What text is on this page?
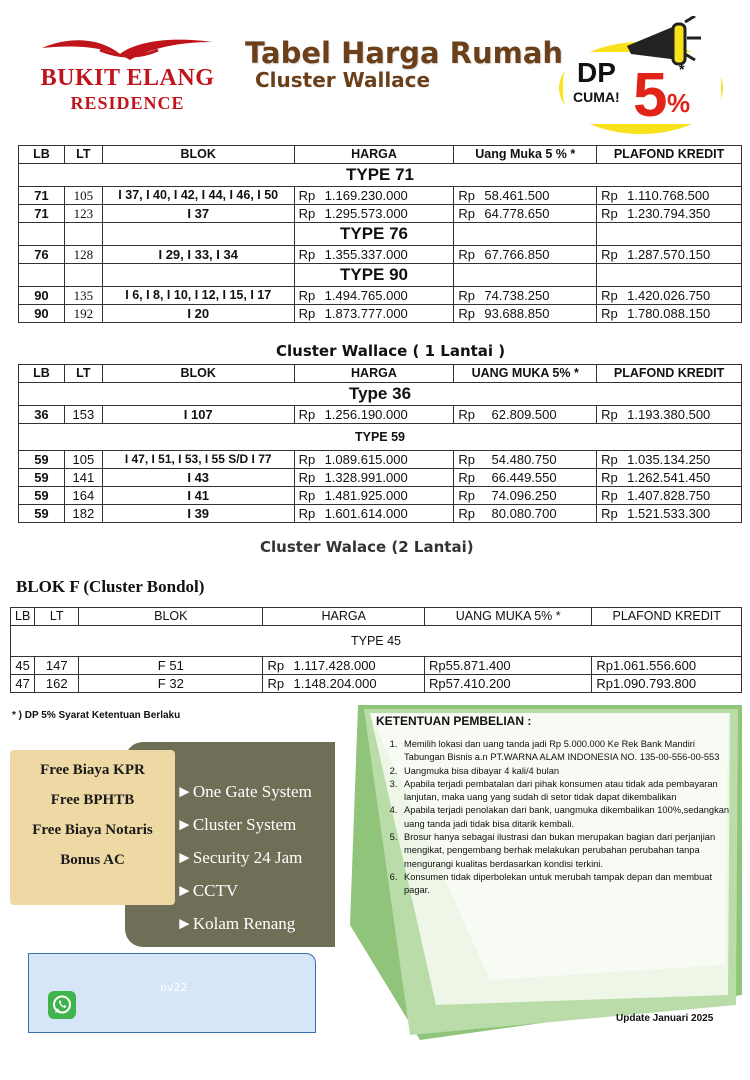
BUKIT ELANG
RESIDENCE
Tabel Harga Rumah
Cluster Wallace	DP
CUMA! 5 %
*
LB	LT	BLOK	HARGA	Uang Muka 5 % *	PLAFOND KREDIT
TYPE 71					
71	105	I 37, I 40, I 42, I 44, I 46, I 50	Rp 1.169.230.000	Rp 58.461.500	Rp 1.110.768.500
71	123	I 37	Rp 1.295.573.000	Rp 64.778.650	Rp 1.230.794.350
			TYPE 76		
76	128	I 29, I 33, I 34	Rp 1.355.337.000	Rp 67.766.850	Rp 1.287.570.150
			TYPE 90		
90	135	I 6, I 8, I 10, I 12, I 15, I 17	Rp 1.494.765.000	Rp 74.738.250	Rp 1.420.026.750
90	192	I 20	Rp 1.873.777.000	Rp 93.688.850	Rp 1.780.088.150
Cluster Wallace ( 1 Lantai )
LB	LT	BLOK	HARGA	UANG MUKA 5% *	PLAFOND KREDIT
Type 36					
36	153	I 107	Rp 1.256.190.000	Rp 62.809.500	Rp 1.193.380.500
TYPE 59					
59	105	I 47, I 51, I 53, I 55 S/D I 77	Rp 1.089.615.000	Rp 54.480.750	Rp 1.035.134.250
59	141	I 43	Rp 1.328.991.000	Rp 66.449.550	Rp 1.262.541.450
59	164	I 41	Rp 1.481.925.000	Rp 74.096.250	Rp 1.407.828.750
59	182	I 39	Rp 1.601.614.000	Rp 80.080.700	Rp 1.521.533.300
Cluster Walace (2 Lantai)
BLOK F (Cluster Bondol)
LB	LT	BLOK	HARGA	UANG MUKA 5% *	PLAFOND KREDIT
TYPE 45					
45	147	F 51	Rp 1.117.428.000	Rp55.871.400	Rp1.061.556.600
47	162	F 32	Rp 1.148.204.000	Rp57.410.200	Rp1.090.793.800
* ) DP 5% Syarat Ketentuan Berlaku	KETENTUAN PEMBELIAN :
1. Memilih lokasi dan uang tanda jadi Rp 5.000.000 Ke Rek Bank Mandiri Tabungan Bisnis a.n PT.WARNA ALAM INDONESIA NO. 135-00-556-00-553
2. Uangmuka bisa dibayar 4 kali/4 bulan
3. Apabila terjadi pembatalan dari pihak konsumen atau tidak ada pembayaran lanjutan, maka uang yang sudah di setor tidak dapat dikembalikan
4. Apabila terjadi penolakan dari bank, uangmuka dikembalikan 100%,sedangkan uang tanda jadi tidak bisa ditarik kembali.
5. Brosur hanya sebagai ilustrasi dan bukan merupakan bagian dari perjanjian mengikat, pengembang berhak melakukan perubahan perubahan tanpa mengurangi kualitas berdasarkan kondisi terkini.
6. Konsumen tidak diperbolekan untuk merubah tampak depan dan membuat pagar.
Update Januari 2025
Free Biaya KPR
Free BPHTB
Free Biaya Notaris
Bonus AC
►One Gate System
►Cluster System
►Security 24 Jam
►CCTV
►Kolam Renang
bv22
